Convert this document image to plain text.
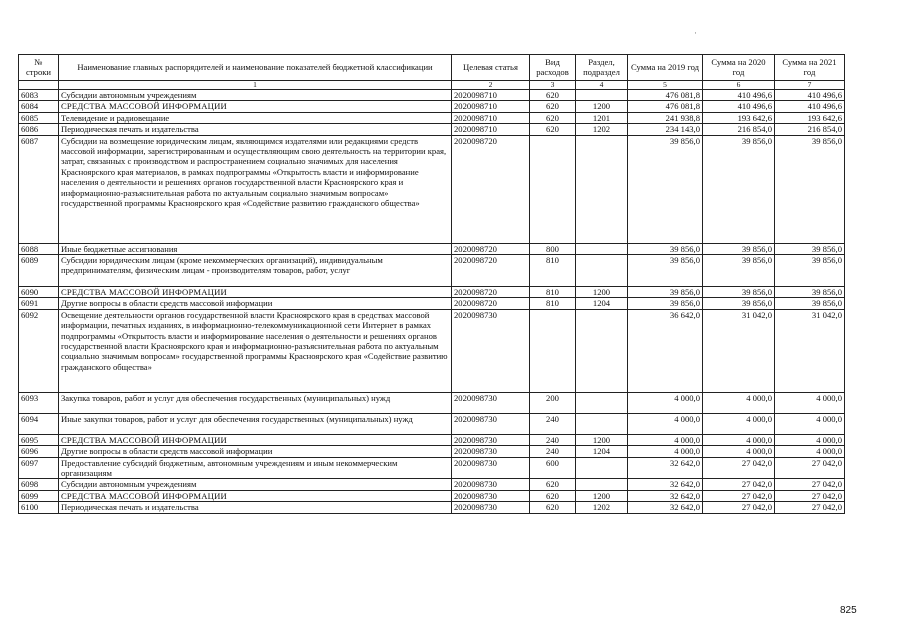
·
№ строки	Наименование главных распорядителей и наименование показателей бюджетной классификации	Целевая статья	Вид расходов	Раздел, подраздел	Сумма на 2019 год	Сумма на 2020 год	Сумма на 2021 год
	1	2	3	4	5	6	7
6083	Субсидии автономным учреждениям	2020098710	620		476 081,8	410 496,6	410 496,6
6084	СРЕДСТВА МАССОВОЙ ИНФОРМАЦИИ	2020098710	620	1200	476 081,8	410 496,6	410 496,6
6085	Телевидение и радиовещание	2020098710	620	1201	241 938,8	193 642,6	193 642,6
6086	Периодическая печать и издательства	2020098710	620	1202	234 143,0	216 854,0	216 854,0
6087	Субсидии на возмещение юридическим лицам, являющимся издателями или редакциями средств массовой информации, зарегистрированным и осуществляющим свою деятельность на территории края, затрат, связанных с производством и распространением социально значимых для населения Красноярского края материалов, в рамках подпрограммы «Открытость власти и информирование населения о деятельности и решениях органов государственной власти Красноярского края и информационно-разъяснительная работа по актуальным социально значимым вопросам» государственной программы Красноярского края «Содействие развитию гражданского общества»	2020098720			39 856,0	39 856,0	39 856,0
6088	Иные бюджетные ассигнования	2020098720	800		39 856,0	39 856,0	39 856,0
6089	Субсидии юридическим лицам (кроме некоммерческих организаций), индивидуальным предпринимателям, физическим лицам - производителям товаров, работ, услуг	2020098720	810		39 856,0	39 856,0	39 856,0
6090	СРЕДСТВА МАССОВОЙ ИНФОРМАЦИИ	2020098720	810	1200	39 856,0	39 856,0	39 856,0
6091	Другие вопросы в области средств массовой информации	2020098720	810	1204	39 856,0	39 856,0	39 856,0
6092	Освещение деятельности органов государственной власти Красноярского края в средствах массовой информации, печатных изданиях, в информационно-телекоммуникационной сети Интернет в рамках подпрограммы «Открытость власти и информирование населения о деятельности и решениях органов государственной власти Красноярского края и информационно-разъяснительная работа по актуальным социально значимым вопросам» государственной программы Красноярского края «Содействие развитию гражданского общества»	2020098730			36 642,0	31 042,0	31 042,0
6093	Закупка товаров, работ и услуг для обеспечения государственных (муниципальных) нужд	2020098730	200		4 000,0	4 000,0	4 000,0
6094	Иные закупки товаров, работ и услуг для обеспечения государственных (муниципальных) нужд	2020098730	240		4 000,0	4 000,0	4 000,0
6095	СРЕДСТВА МАССОВОЙ ИНФОРМАЦИИ	2020098730	240	1200	4 000,0	4 000,0	4 000,0
6096	Другие вопросы в области средств массовой информации	2020098730	240	1204	4 000,0	4 000,0	4 000,0
6097	Предоставление субсидий бюджетным, автономным учреждениям и иным некоммерческим организациям	2020098730	600		32 642,0	27 042,0	27 042,0
6098	Субсидии автономным учреждениям	2020098730	620		32 642,0	27 042,0	27 042,0
6099	СРЕДСТВА МАССОВОЙ ИНФОРМАЦИИ	2020098730	620	1200	32 642,0	27 042,0	27 042,0
6100	Периодическая печать и издательства	2020098730	620	1202	32 642,0	27 042,0	27 042,0
825
